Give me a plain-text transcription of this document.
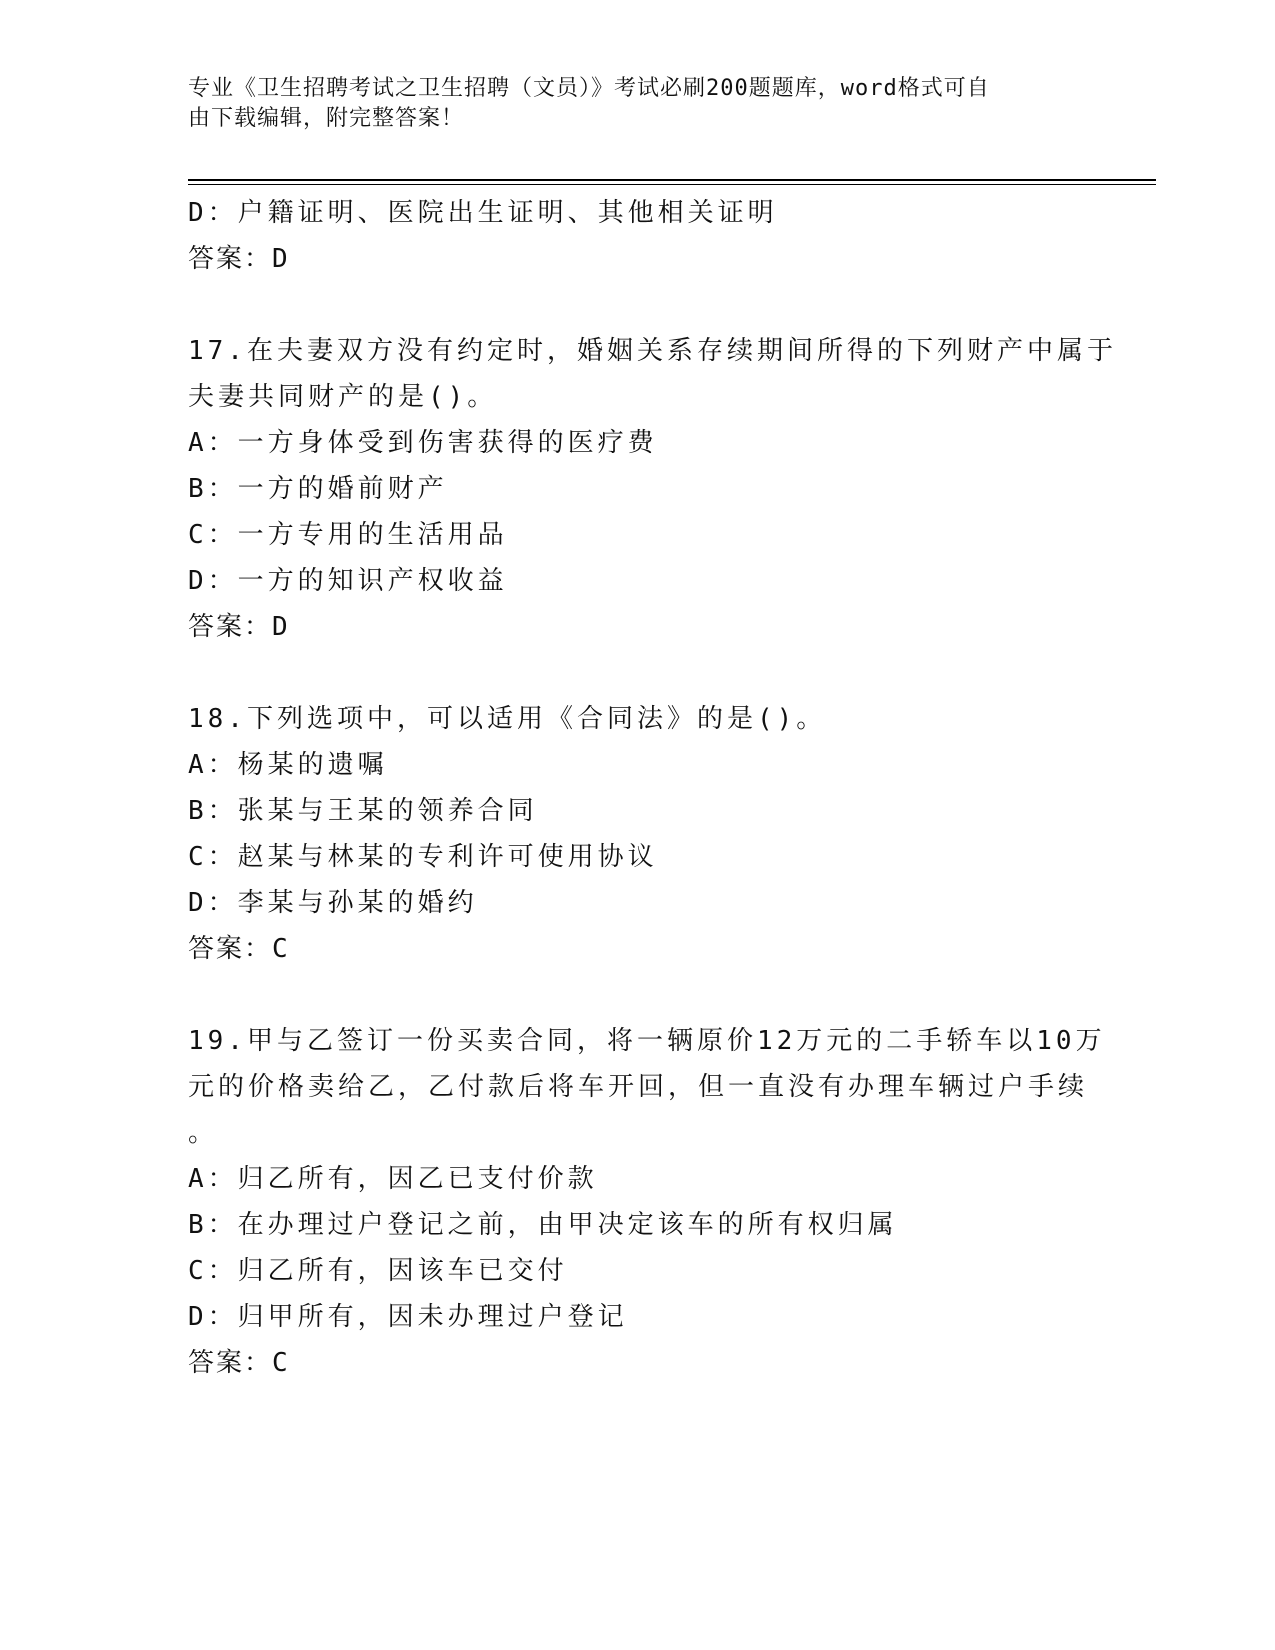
专业《卫生招聘考试之卫生招聘（文员）》考试必刷200题题库，word格式可自
由下载编辑，附完整答案！
D：户籍证明、医院出生证明、其他相关证明
答案：D
17.在夫妻双方没有约定时，婚姻关系存续期间所得的下列财产中属于
夫妻共同财产的是()。
A：一方身体受到伤害获得的医疗费
B：一方的婚前财产
C：一方专用的生活用品
D：一方的知识产权收益
答案：D
18.下列选项中，可以适用《合同法》的是()。
A：杨某的遗嘱
B：张某与王某的领养合同
C：赵某与林某的专利许可使用协议
D：李某与孙某的婚约
答案：C
19.甲与乙签订一份买卖合同，将一辆原价12万元的二手轿车以10万
元的价格卖给乙，乙付款后将车开回，但一直没有办理车辆过户手续
。
A：归乙所有，因乙已支付价款
B：在办理过户登记之前，由甲决定该车的所有权归属
C：归乙所有，因该车已交付
D：归甲所有，因未办理过户登记
答案：C
